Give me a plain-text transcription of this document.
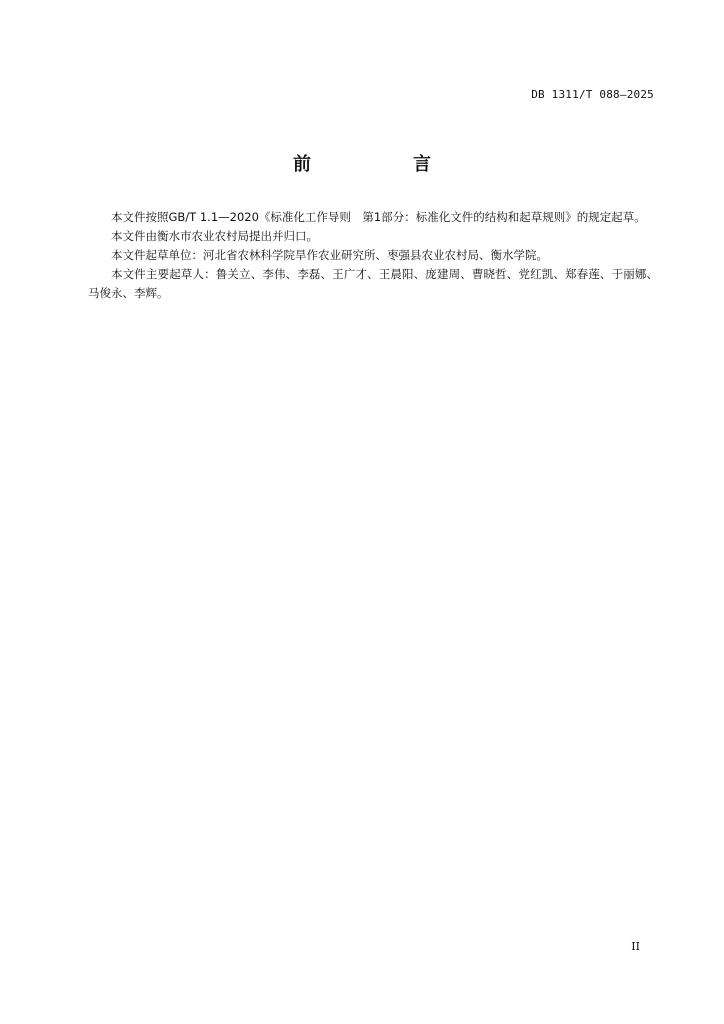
DB 1311/T 088—2025
前　言

本文件按照GB/T 1.1—2020《标准化工作导则　第1部分：标准化文件的结构和起草规则》的规定起草。

本文件由衡水市农业农村局提出并归口。

本文件起草单位：河北省农林科学院旱作农业研究所、枣强县农业农村局、衡水学院。

本文件主要起草人：鲁关立、李伟、李磊、王广才、王晨阳、庞建周、曹晓哲、党红凯、郑春莲、于丽娜、马俊永、李辉。

II
